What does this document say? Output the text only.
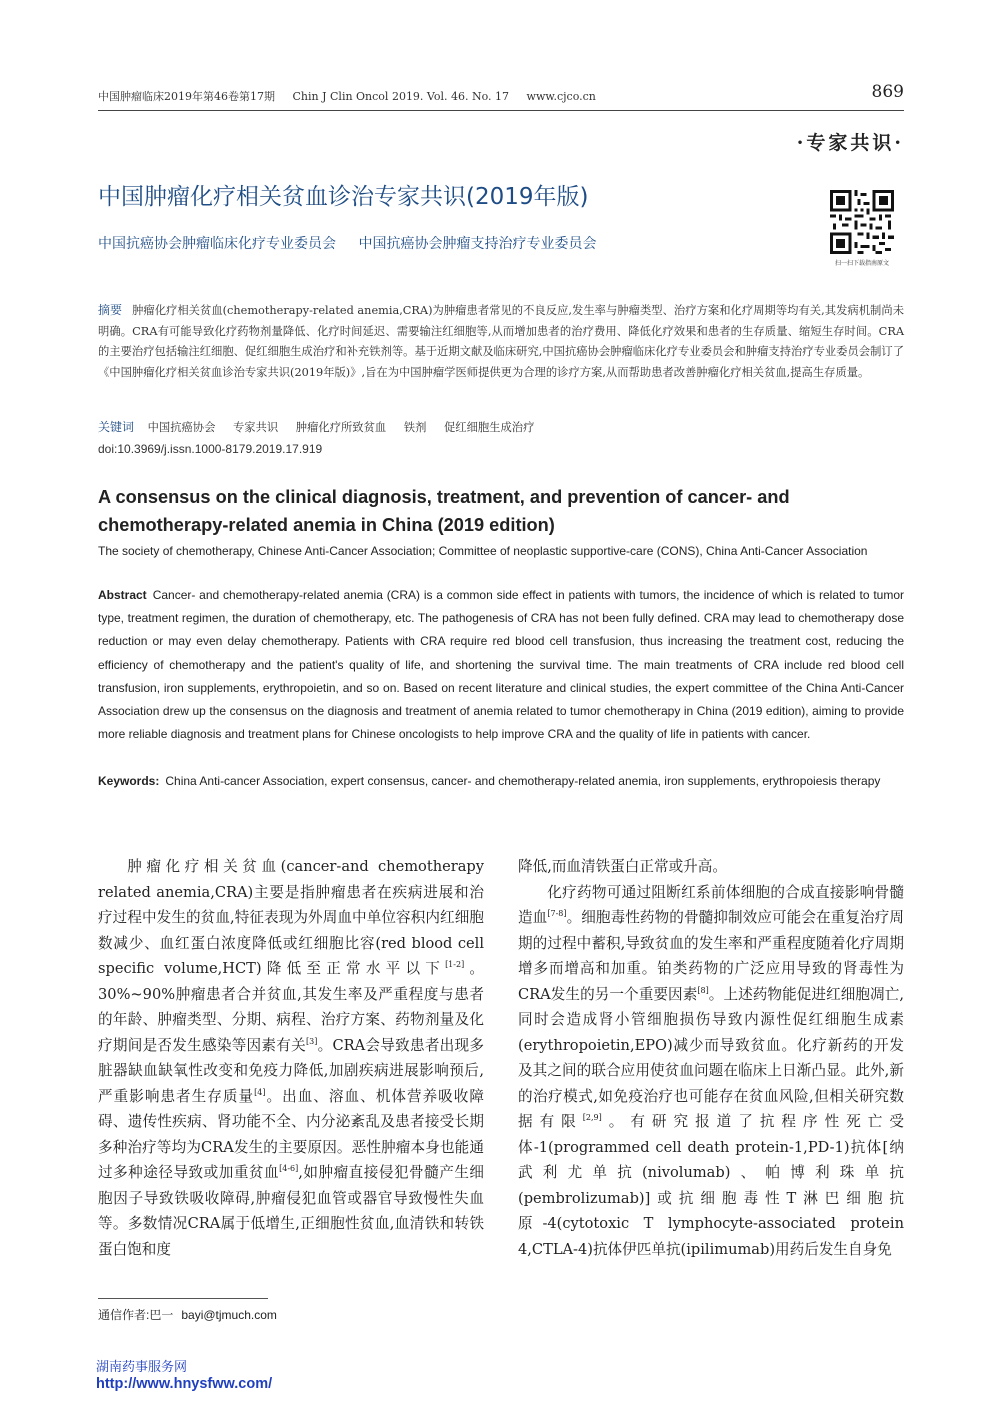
中国肿瘤临床2019年第46卷第17期 Chin J Clin Oncol 2019. Vol. 46. No. 17 www.cjco.cn	869
·专家共识·
中国肿瘤化疗相关贫血诊治专家共识(2019年版)
中国抗癌协会肿瘤临床化疗专业委员会 中国抗癌协会肿瘤支持治疗专业委员会
扫一扫下载指南原文
摘要 肿瘤化疗相关贫血(chemotherapy-related anemia,CRA)为肿瘤患者常见的不良反应,发生率与肿瘤类型、治疗方案和化疗周期等均有关,其发病机制尚未明确。CRA有可能导致化疗药物剂量降低、化疗时间延迟、需要输注红细胞等,从而增加患者的治疗费用、降低化疗效果和患者的生存质量、缩短生存时间。CRA的主要治疗包括输注红细胞、促红细胞生成治疗和补充铁剂等。基于近期文献及临床研究,中国抗癌协会肿瘤临床化疗专业委员会和肿瘤支持治疗专业委员会制订了《中国肿瘤化疗相关贫血诊治专家共识(2019年版)》,旨在为中国肿瘤学医师提供更为合理的诊疗方案,从而帮助患者改善肿瘤化疗相关贫血,提高生存质量。
关键词 中国抗癌协会 专家共识 肿瘤化疗所致贫血 铁剂 促红细胞生成治疗
doi:10.3969/j.issn.1000-8179.2019.17.919
A consensus on the clinical diagnosis, treatment, and prevention of cancer- and chemotherapy-related anemia in China (2019 edition)
The society of chemotherapy, Chinese Anti-Cancer Association; Committee of neoplastic supportive-care (CONS), China Anti-Cancer Association
Abstract Cancer- and chemotherapy-related anemia (CRA) is a common side effect in patients with tumors, the incidence of which is related to tumor type, treatment regimen, the duration of chemotherapy, etc. The pathogenesis of CRA has not been fully defined. CRA may lead to chemotherapy dose reduction or may even delay chemotherapy. Patients with CRA require red blood cell transfusion, thus increasing the treatment cost, reducing the efficiency of chemotherapy and the patient's quality of life, and shortening the survival time. The main treatments of CRA include red blood cell transfusion, iron supplements, erythropoietin, and so on. Based on recent literature and clinical studies, the expert committee of the China Anti-Cancer Association drew up the consensus on the diagnosis and treatment of anemia related to tumor chemotherapy in China (2019 edition), aiming to provide more reliable diagnosis and treatment plans for Chinese oncologists to help improve CRA and the quality of life in patients with cancer.
Keywords: China Anti-cancer Association, expert consensus, cancer- and chemotherapy-related anemia, iron supplements, erythropoiesis therapy

肿瘤化疗相关贫血(cancer-and chemotherapy related anemia,CRA)主要是指肿瘤患者在疾病进展和治疗过程中发生的贫血,特征表现为外周血中单位容积内红细胞数减少、血红蛋白浓度降低或红细胞比容(red blood cell specific volume,HCT)降低至正常水平以下[1-2]。30%~90%肿瘤患者合并贫血,其发生率及严重程度与患者的年龄、肿瘤类型、分期、病程、治疗方案、药物剂量及化疗期间是否发生感染等因素有关[3]。CRA会导致患者出现多脏器缺血缺氧性改变和免疫力降低,加剧疾病进展影响预后,严重影响患者生存质量[4]。出血、溶血、机体营养吸收障碍、遗传性疾病、肾功能不全、内分泌紊乱及患者接受长期多种治疗等均为CRA发生的主要原因。恶性肿瘤本身也能通过多种途径导致或加重贫血[4-6],如肿瘤直接侵犯骨髓产生细胞因子导致铁吸收障碍,肿瘤侵犯血管或器官导致慢性失血等。多数情况CRA属于低增生,正细胞性贫血,血清铁和转铁蛋白饱和度

降低,而血清铁蛋白正常或升高。

化疗药物可通过阻断红系前体细胞的合成直接影响骨髓造血[7-8]。细胞毒性药物的骨髓抑制效应可能会在重复治疗周期的过程中蓄积,导致贫血的发生率和严重程度随着化疗周期增多而增高和加重。铂类药物的广泛应用导致的肾毒性为CRA发生的另一个重要因素[8]。上述药物能促进红细胞凋亡,同时会造成肾小管细胞损伤导致内源性促红细胞生成素(erythropoietin,EPO)减少而导致贫血。化疗新药的开发及其之间的联合应用使贫血问题在临床上日渐凸显。此外,新的治疗模式,如免疫治疗也可能存在贫血风险,但相关研究数据有限[2,9]。有研究报道了抗程序性死亡受体-1(programmed cell death protein-1,PD-1)抗体[纳武利尤单抗(nivolumab)、帕博利珠单抗(pembrolizumab)]或抗细胞毒性T淋巴细胞抗原-4(cytotoxic T lymphocyte-associated protein 4,CTLA-4)抗体伊匹单抗(ipilimumab)用药后发生自身免

通信作者:巴一 bayi@tjmuch.com
湖南药事服务网
http://www.hnysfww.com/
